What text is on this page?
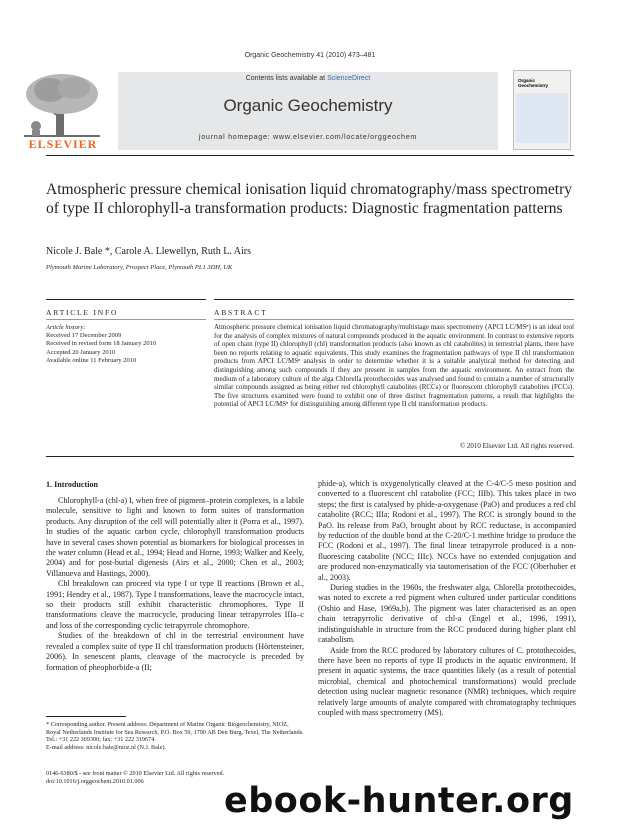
Organic Geochemistry 41 (2010) 473–481
ELSEVIER
Contents lists available at ScienceDirect
Organic Geochemistry
journal homepage: www.elsevier.com/locate/orggeochem
Organic Geochemistry
Atmospheric pressure chemical ionisation liquid chromatography/mass spectrometry of type II chlorophyll-a transformation products: Diagnostic fragmentation patterns
Nicole J. Bale *, Carole A. Llewellyn, Ruth L. Airs
Plymouth Marine Laboratory, Prospect Place, Plymouth PL1 3DH, UK
ARTICLE INFO	ABSTRACT
Article history:
Received 17 December 2009
Received in revised form 18 January 2010
Accepted 20 January 2010
Available online 11 February 2010
Atmospheric pressure chemical ionisation liquid chromatography/multistage mass spectrometry (APCI LC/MSⁿ) is an ideal tool for the analysis of complex mixtures of natural compounds produced in the aquatic environment. In contrast to extensive reports of open chain (type II) chlorophyll (chl) transformation products (also known as chl catabolites) in terrestrial plants, there have been no reports relating to aquatic equivalents. This study examines the fragmentation pathways of type II chl transformation products from APCI LC/MSⁿ analysis in order to determine whether it is a suitable analytical method for detecting and distinguishing among such compounds if they are present in samples from the aquatic environment. An extract from the medium of a laboratory culture of the alga Chlorella protothecoides was analysed and found to contain a number of structurally similar compounds assigned as being either red chlorophyll catabolites (RCCs) or fluorescent chlorophyll catabolites (FCCs). The five structures examined were found to exhibit one of three distinct fragmentation patterns, a result that highlights the potential of APCI LC/MSⁿ for distinguishing among different type II chl transformation products.
© 2010 Elsevier Ltd. All rights reserved.
1. Introduction

Chlorophyll-a (chl-a) I, when free of pigment–protein complexes, is a labile molecule, sensitive to light and known to form suites of transformation products. Any disruption of the cell will potentially alter it (Porra et al., 1997). In studies of the aquatic carbon cycle, chlorophyll transformation products have in several cases shown potential as biomarkers for biological processes in the water column (Head et al., 1994; Head and Horne, 1993; Walker and Keely, 2004) and for post-burial digenesis (Airs et al., 2000; Chen et al., 2003; Villanueva and Hastings, 2000).

Chl breakdown can proceed via type I or type II reactions (Brown et al., 1991; Hendry et al., 1987). Type I transformations, leave the macrocycle intact, so their products still exhibit characteristic chromophores. Type II transformations cleave the macrocycle, producing linear tetrapyrroles IIIa–c and loss of the corresponding cyclic tetrapyrrole chromophore.

Studies of the breakdown of chl in the terrestrial environment have revealed a complex suite of type II chl transformation products (Hörtensteiner, 2006). In senescent plants, cleavage of the macrocycle is preceded by formation of pheophorbide-a (II;

phide-a), which is oxygenolytically cleaved at the C-4/C-5 meso position and converted to a fluorescent chl catabolite (FCC; IIIb). This takes place in two steps; the first is catalysed by phide-a-oxygenase (PaO) and produces a red chl catabolite (RCC; IIIa; Rodoni et al., 1997). The RCC is strongly bound to the PaO. Its release from PaO, brought about by RCC reductase, is accompanied by reduction of the double bond at the C-20/C-1 methine bridge to produce the FCC (Rodoni et al., 1997). The final linear tetrapyrrole produced is a non-fluorescing catabolite (NCC; IIIc). NCCs have no extended conjugation and are produced non-enzymatically via tautomerisation of the FCC (Oberhuber et al., 2003).

During studies in the 1960s, the freshwater alga, Chlorella protothecoides, was noted to excrete a red pigment when cultured under particular conditions (Oshio and Hase, 1969a,b). The pigment was later characterised as an open chain tetrapyrrolic derivative of chl-a (Engel et al., 1996, 1991), indistinguishable in structure from the RCC produced during higher plant chl catabolism.

Aside from the RCC produced by laboratory cultures of C. protothecoides, there have been no reports of type II products in the aquatic environment. If present in aquatic systems, the trace quantities likely (as a result of potential microbial, chemical and photochemical transformations) would preclude detection using nuclear magnetic resonance (NMR) techniques, which require relatively large amounts of analyte compared with chromatography techniques coupled with mass spectrometry (MS).

* Corresponding author. Present address: Department of Marine Organic Biogeochemistry, NIOZ, Royal Netherlands Institute for Sea Research, P.O. Box 59, 1790 AB Den Burg, Texel, The Netherlands. Tel.: +31 222 369300; fax: +31 222 319674.
E-mail address: nicole.bale@nioz.nl (N.J. Bale).
0146-6380/$ - see front matter © 2010 Elsevier Ltd. All rights reserved.
doi:10.1016/j.orggeochem.2010.01.006	ebook-hunter.org
